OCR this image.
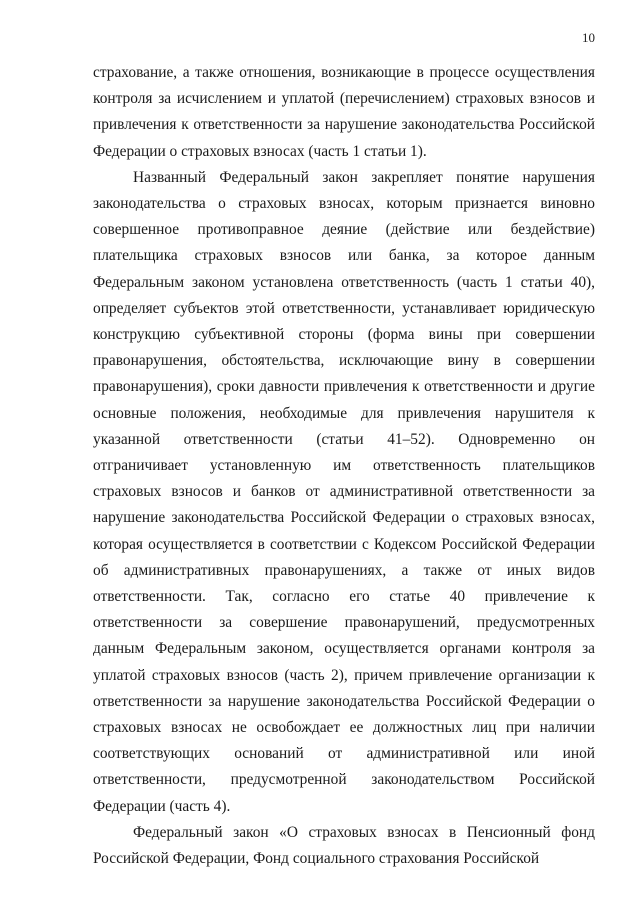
10

страхование, а также отношения, возникающие в процессе осуществления контроля за исчислением и уплатой (перечислением) страховых взносов и привлечения к ответственности за нарушение законодательства Российской Федерации о страховых взносах (часть 1 статьи 1).

Названный Федеральный закон закрепляет понятие нарушения законодательства о страховых взносах, которым признается виновно совершенное противоправное деяние (действие или бездействие) плательщика страховых взносов или банка, за которое данным Федеральным законом установлена ответственность (часть 1 статьи 40), определяет субъектов этой ответственности, устанавливает юридическую конструкцию субъективной стороны (форма вины при совершении правонарушения, обстоятельства, исключающие вину в совершении правонарушения), сроки давности привлечения к ответственности и другие основные положения, необходимые для привлечения нарушителя к указанной ответственности (статьи 41–52). Одновременно он отграничивает установленную им ответственность плательщиков страховых взносов и банков от административной ответственности за нарушение законодательства Российской Федерации о страховых взносах, которая осуществляется в соответствии с Кодексом Российской Федерации об административных правонарушениях, а также от иных видов ответственности. Так, согласно его статье 40 привлечение к ответственности за совершение правонарушений, предусмотренных данным Федеральным законом, осуществляется органами контроля за уплатой страховых взносов (часть 2), причем привлечение организации к ответственности за нарушение законодательства Российской Федерации о страховых взносах не освобождает ее должностных лиц при наличии соответствующих оснований от административной или иной ответственности, предусмотренной законодательством Российской Федерации (часть 4).

Федеральный закон «О страховых взносах в Пенсионный фонд Российской Федерации, Фонд социального страхования Российской
